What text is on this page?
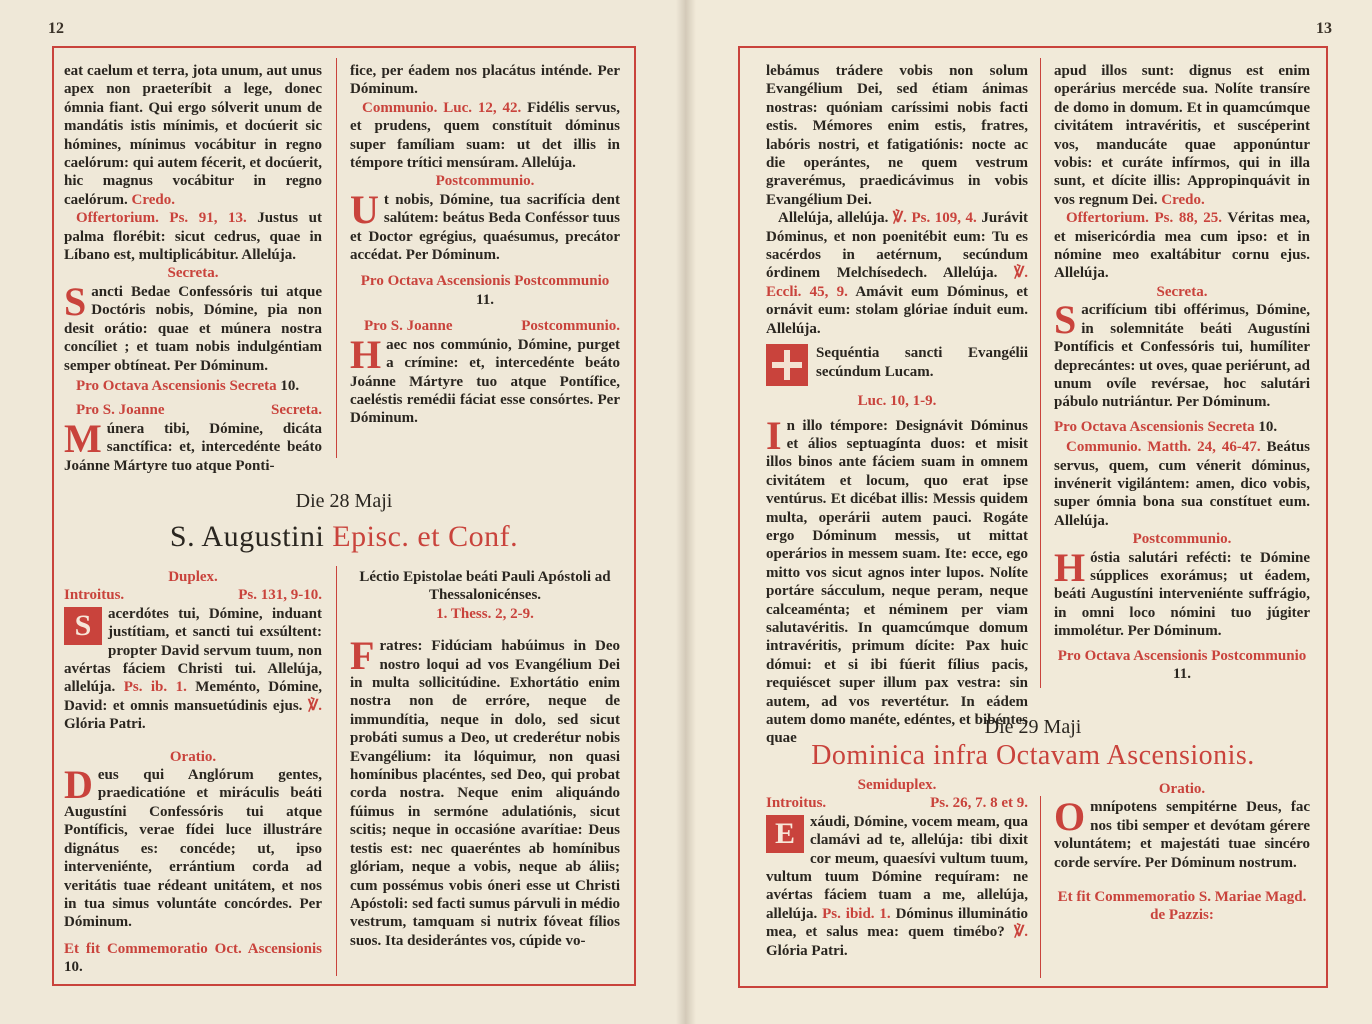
12

eat caelum et terra, jota unum, aut unus apex non praeteríbit a lege, donec ómnia fiant. Qui ergo sólverit unum de mandátis istis mínimis, et docúerit sic hómines, mínimus vocábitur in regno caelórum: qui autem fécerit, et docúerit, hic magnus vocábitur in regno caelórum. Credo.

Offertorium. Ps. 91, 13. Justus ut palma florébit: sicut cedrus, quae in Líbano est, multiplicábitur. Allelúja.

Secreta.

S ancti Bedae Confessóris tui atque Doctóris nobis, Dómine, pia non desit orátio: quae et múnera nostra concíliet ; et tuam nobis indulgéntiam semper obtíneat. Per Dóminum.

Pro Octava Ascensionis Secreta 10.

Pro S. Joanne	Secreta.

M únera tibi, Dómine, dicáta sanctífica: et, intercedénte beáto Joánne Mártyre tuo atque Ponti-

fice, per éadem nos placátus inténde. Per Dóminum.

Communio. Luc. 12, 42. Fidélis servus, et prudens, quem constítuit dóminus super famíliam suam: ut det illis in témpore trítici mensúram. Allelúja.

Postcommunio.

U t nobis, Dómine, tua sacrifícia dent salútem: beátus Beda Conféssor tuus et Doctor egrégius, quaésumus, precátor accédat. Per Dóminum.

Pro Octava Ascensionis Postcommunio 11.

Pro S. Joanne	Postcommunio.

H aec nos commúnio, Dómine, purget a crímine: et, intercedénte beáto Joánne Mártyre tuo atque Pontífice, caeléstis remédii fáciat esse consórtes. Per Dóminum.

Die 28 Maji
S. Augustini Episc. et Conf.

Duplex.

Introitus.	Ps. 131, 9-10.

S	acerdótes tui, Dómine, induant justítiam, et sancti tui exsúltent: propter David servum tuum, non avértas fáciem Christi tui. Allelúja, allelúja. Ps. ib. 1. Meménto, Dómine, David: et omnis mansuetúdinis ejus. ℣. Glória Patri.

Oratio.

D eus qui Anglórum gentes, praedicatióne et miráculis beáti Augustíni Confessóris tui atque Pontíficis, verae fídei luce illustráre dignátus es: concéde; ut, ipso interveniénte, errántium corda ad veritátis tuae rédeant unitátem, et nos in tua simus voluntáte concórdes. Per Dóminum.

Et fit Commemoratio Oct. Ascensionis 10.

Léctio Epistolae beáti Pauli Apóstoli ad Thessalonicénses.

1. Thess. 2, 2-9.

F ratres: Fidúciam habúimus in Deo nostro loqui ad vos Evangélium Dei in multa sollicitúdine. Exhortátio enim nostra non de erróre, neque de immundítia, neque in dolo, sed sicut probáti sumus a Deo, ut crederétur nobis Evangélium: ita lóquimur, non quasi homínibus placéntes, sed Deo, qui probat corda nostra. Neque enim aliquándo fúimus in sermóne adulatiónis, sicut scitis; neque in occasióne avarítiae: Deus testis est: nec quaeréntes ab homínibus glóriam, neque a vobis, neque ab áliis; cum possémus vobis óneri esse ut Christi Apóstoli: sed facti sumus párvuli in médio vestrum, tamquam si nutrix fóveat fílios suos. Ita desiderántes vos, cúpide vo-

13

lebámus trádere vobis non solum Evangélium Dei, sed étiam ánimas nostras: quóniam caríssimi nobis facti estis. Mémores enim estis, fratres, labóris nostri, et fatigatiónis: nocte ac die operántes, ne quem vestrum graverémus, praedicávimus in vobis Evangélium Dei.

Allelúja, allelúja. ℣. Ps. 109, 4. Jurávit Dóminus, et non poenitébit eum: Tu es sacérdos in aetérnum, secúndum órdinem Melchísedech. Allelúja. ℣. Eccli. 45, 9. Amávit eum Dóminus, et ornávit eum: stolam glóriae índuit eum. Allelúja.

Sequéntia sancti Evangélii secúndum Lucam.

Luc. 10, 1-9.

I n illo témpore: Designávit Dóminus et álios septuagínta duos: et misit illos binos ante fáciem suam in omnem civitátem et locum, quo erat ipse ventúrus. Et dicébat illis: Messis quidem multa, operárii autem pauci. Rogáte ergo Dóminum messis, ut mittat operários in messem suam. Ite: ecce, ego mitto vos sicut agnos inter lupos. Nolíte portáre sácculum, neque peram, neque calceaménta; et néminem per viam salutavéritis. In quamcúmque domum intravéritis, primum dícite: Pax huic dómui: et si ibi fúerit fílius pacis, requiéscet super illum pax vestra: sin autem, ad vos revertétur. In eádem autem domo manéte, edéntes, et bibéntes quae

apud illos sunt: dignus est enim operárius mercéde sua. Nolíte transíre de domo in domum. Et in quamcúmque civitátem intravéritis, et suscéperint vos, manducáte quae apponúntur vobis: et curáte infírmos, qui in illa sunt, et dícite illis: Appropinquávit in vos regnum Dei. Credo.

Offertorium. Ps. 88, 25. Véritas mea, et misericórdia mea cum ipso: et in nómine meo exaltábitur cornu ejus. Allelúja.

Secreta.

S acrifícium tibi offérimus, Dómine, in solemnitáte beáti Augustíni Pontíficis et Confessóris tui, humíliter deprecántes: ut oves, quae periérunt, ad unum ovíle revérsae, hoc salutári pábulo nutriántur. Per Dóminum.

Pro Octava Ascensionis Secreta 10.

Communio. Matth. 24, 46-47. Beátus servus, quem, cum vénerit dóminus, invénerit vigilántem: amen, dico vobis, super ómnia bona sua constítuet eum. Allelúja.

Postcommunio.

H óstia salutári refécti: te Dómine súpplices exorámus; ut éadem, beáti Augustíni interveniénte suffrágio, in omni loco nómini tuo júgiter immolétur. Per Dóminum.

Pro Octava Ascensionis Postcommunio 11.

Die 29 Maji
Dominica infra Octavam Ascensionis.

Semiduplex.

Introitus.	Ps. 26, 7. 8 et 9.

E	xáudi, Dómine, vocem meam, qua clamávi ad te, allelúja: tibi dixit cor meum, quaesívi vultum tuum, vultum tuum Dómine requíram: ne avértas fáciem tuam a me, allelúja, allelúja. Ps. ibid. 1. Dóminus illuminátio mea, et salus mea: quem timébo? ℣. Glória Patri.

Oratio.

O mnípotens sempitérne Deus, fac nos tibi semper et devótam gérere voluntátem; et majestáti tuae sincéro corde servíre. Per Dóminum nostrum.

Et fit Commemoratio S. Mariae Magd. de Pazzis:
